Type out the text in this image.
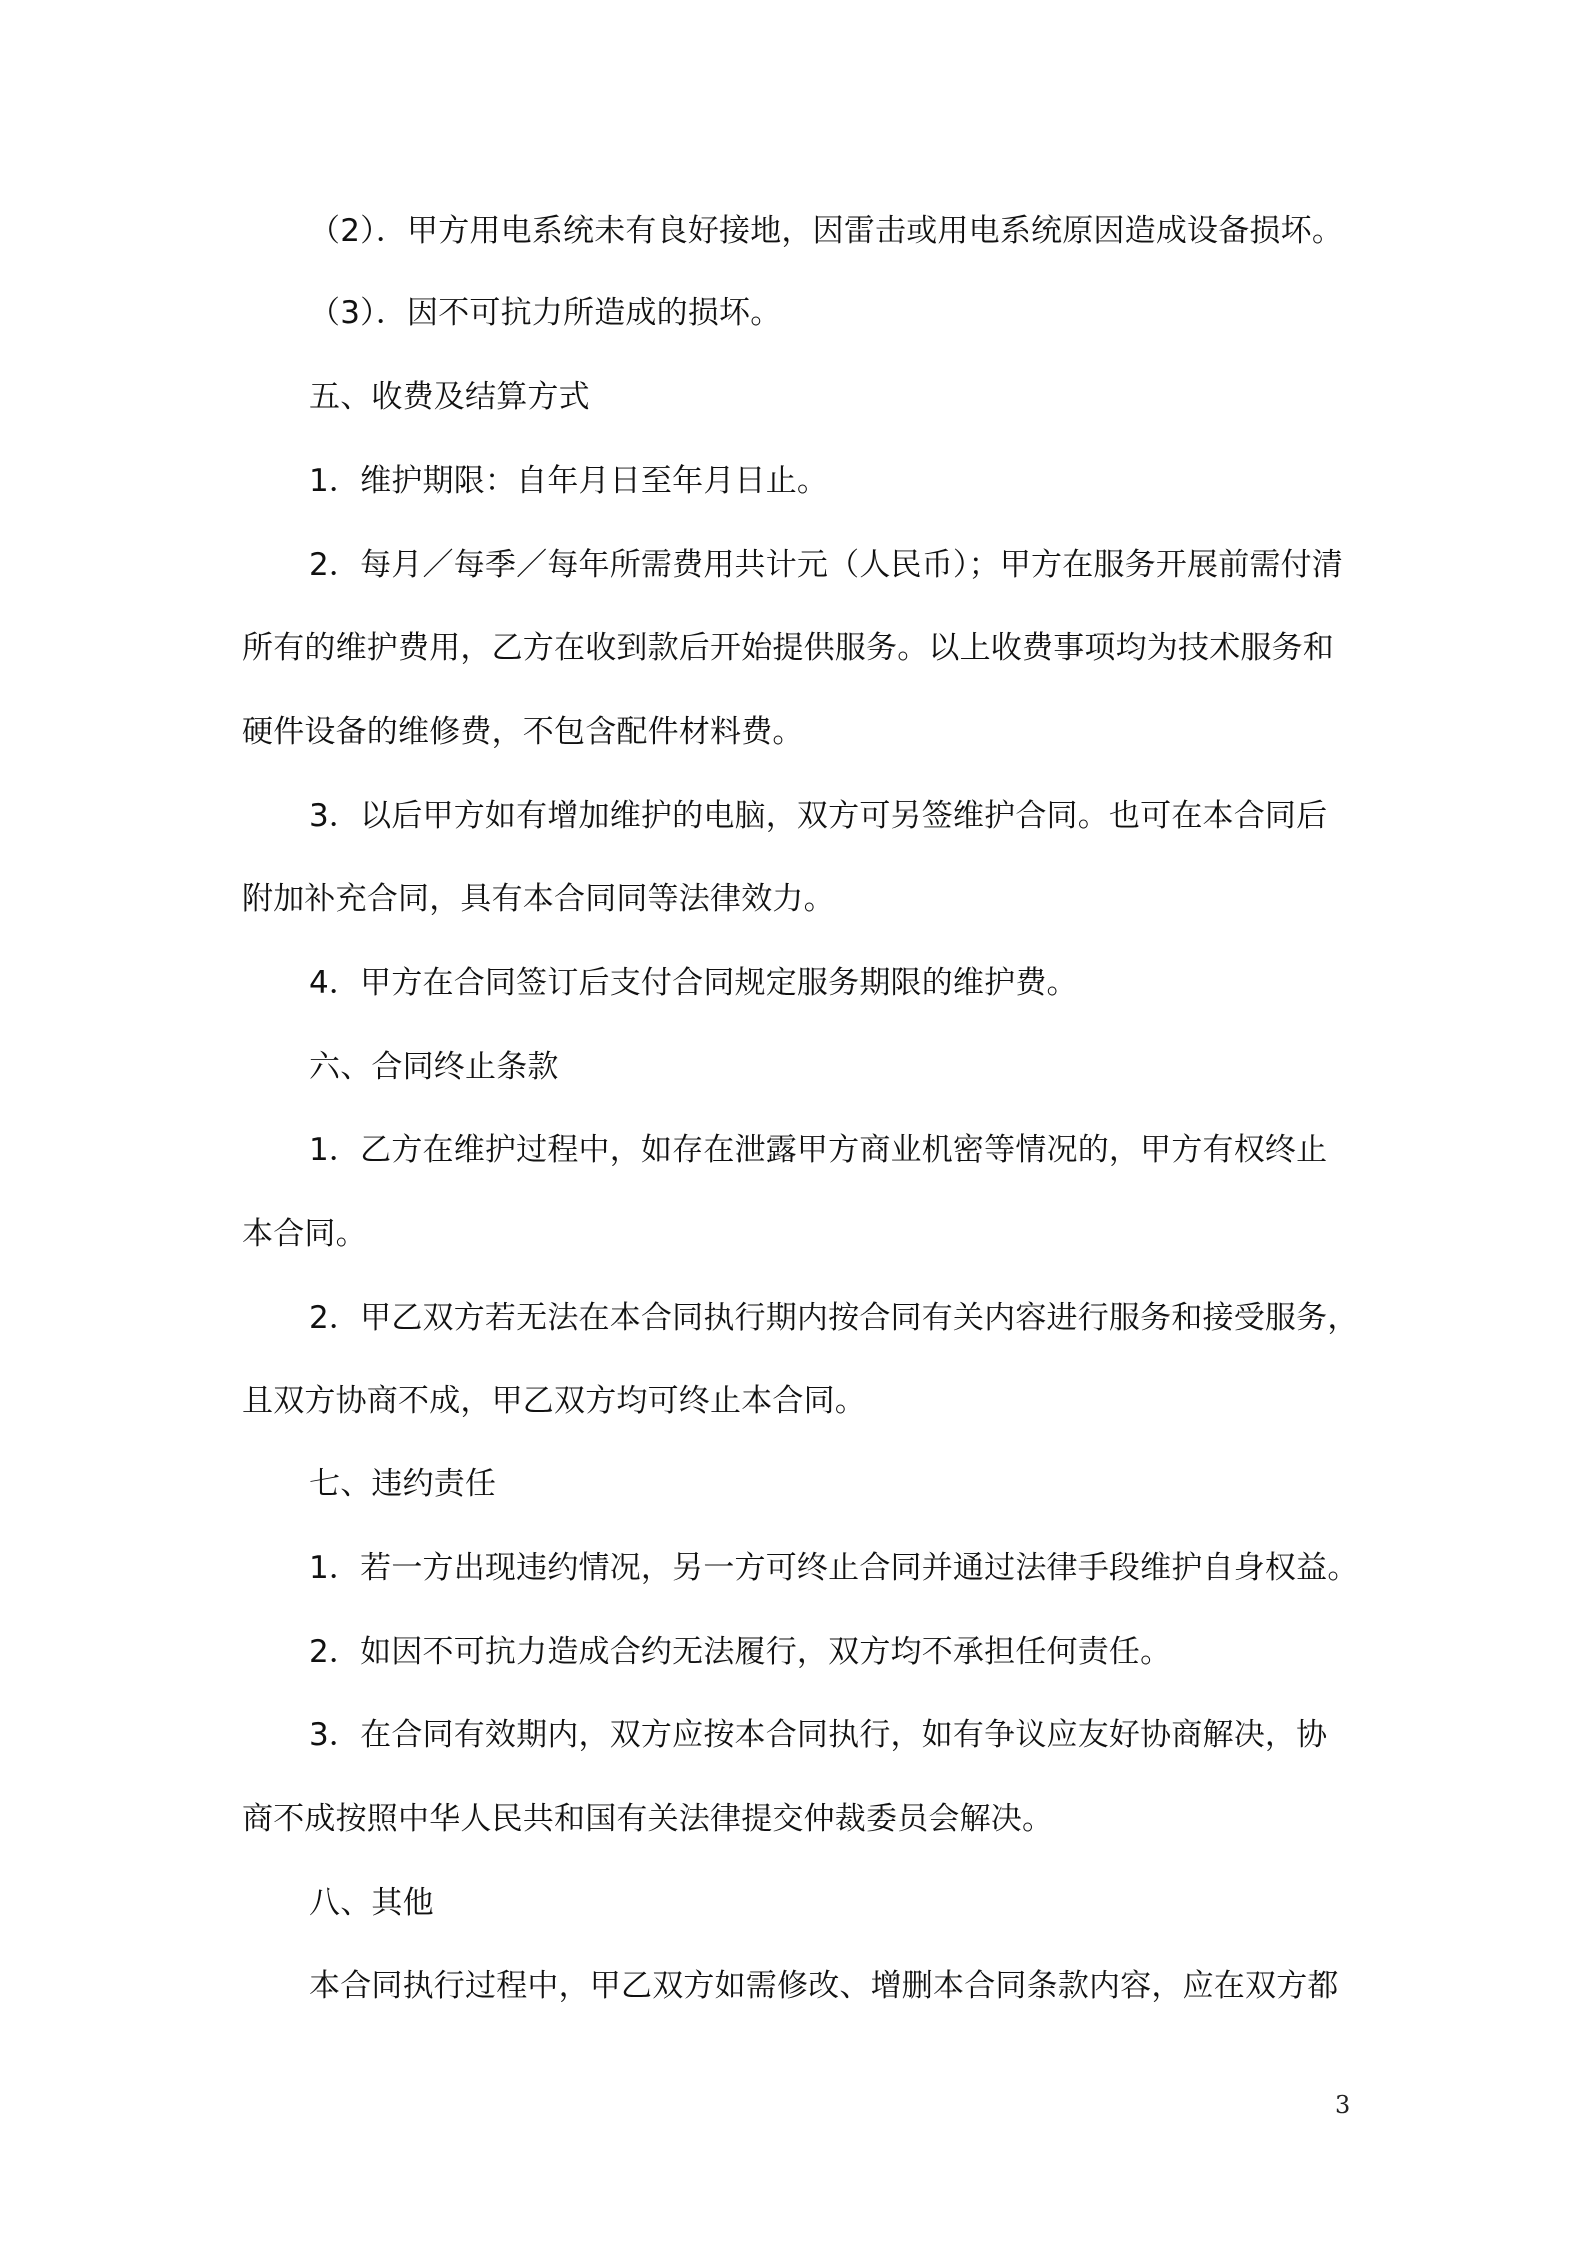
（2）．甲方用电系统未有良好接地，因雷击或用电系统原因造成设备损坏。

（3）．因不可抗力所造成的损坏。

五、收费及结算方式

1．维护期限：自年月日至年月日止。

2．每月／每季／每年所需费用共计元（人民币）；甲方在服务开展前需付清

所有的维护费用，乙方在收到款后开始提供服务。以上收费事项均为技术服务和

硬件设备的维修费，不包含配件材料费。

3．以后甲方如有增加维护的电脑，双方可另签维护合同。也可在本合同后

附加补充合同，具有本合同同等法律效力。

4．甲方在合同签订后支付合同规定服务期限的维护费。

六、合同终止条款

1．乙方在维护过程中，如存在泄露甲方商业机密等情况的，甲方有权终止

本合同。

2．甲乙双方若无法在本合同执行期内按合同有关内容进行服务和接受服务，

且双方协商不成，甲乙双方均可终止本合同。

七、违约责任

1．若一方出现违约情况，另一方可终止合同并通过法律手段维护自身权益。

2．如因不可抗力造成合约无法履行，双方均不承担任何责任。

3．在合同有效期内，双方应按本合同执行，如有争议应友好协商解决，协

商不成按照中华人民共和国有关法律提交仲裁委员会解决。

八、其他

本合同执行过程中，甲乙双方如需修改、增删本合同条款内容，应在双方都

3
